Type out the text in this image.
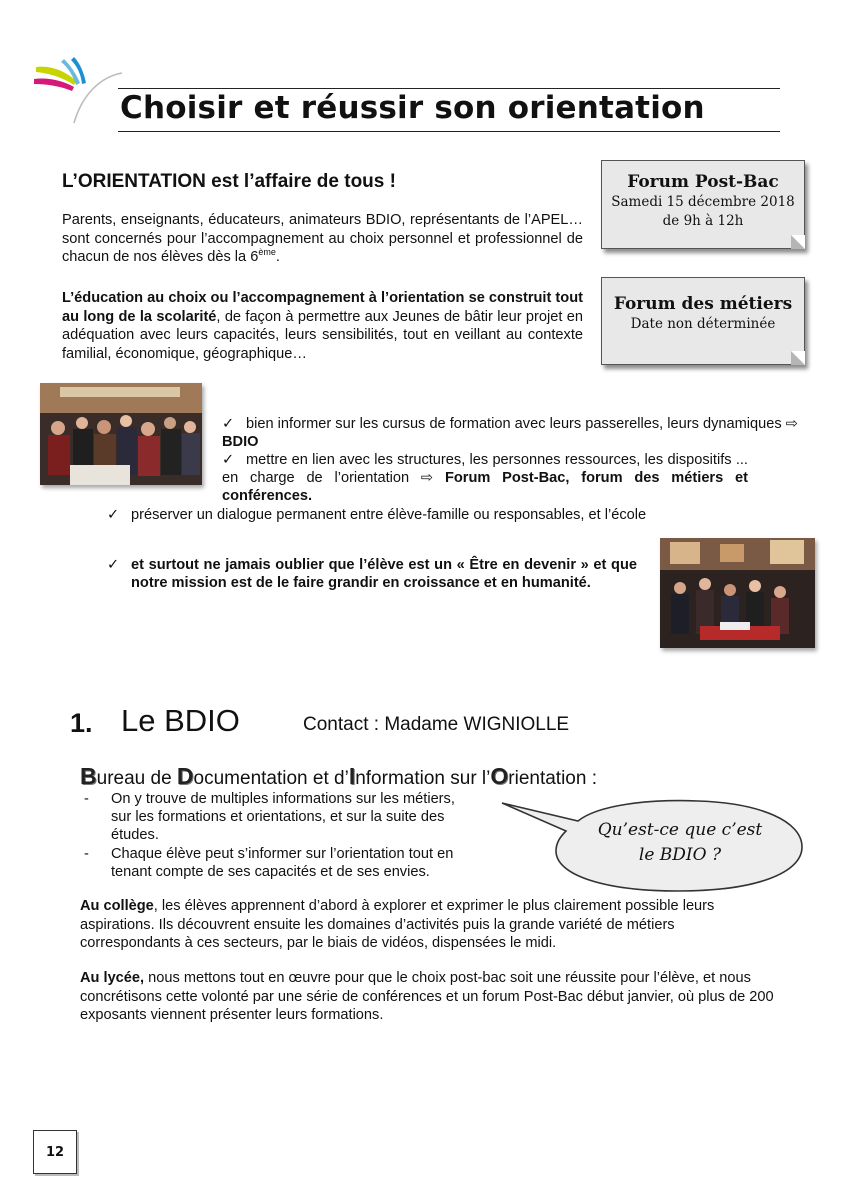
Choisir et réussir son orientation
L’ORIENTATION est l’affaire de tous !
Parents, enseignants, éducateurs, animateurs BDIO, représentants de l’APEL… sont concernés pour l’accompagnement au choix personnel et professionnel de chacun de nos élèves dès la 6ème.
L’éducation au choix ou l’accompagnement à l’orientation se construit tout au long de la scolarité, de façon à permettre aux Jeunes de bâtir leur projet en adéquation avec leurs capacités, leurs sensibilités, tout en veillant au contexte familial, économique, géographique…
Forum Post-Bac
Samedi 15 décembre 2018
de 9h à 12h
Forum des métiers
Date non déterminée
✓ bien informer sur les cursus de formation avec leurs passerelles, leurs dynamiques ⇨ BDIO
✓ mettre en lien avec les structures, les personnes ressources, les dispositifs ... en charge de l’orientation ⇨ Forum Post-Bac, forum des métiers et conférences.
✓ préserver un dialogue permanent entre élève-famille ou responsables, et l’école
✓ et surtout ne jamais oublier que l’élève est un « Être en devenir » et que notre mission est de le faire grandir en croissance et en humanité.
1. Le BDIO	Contact : Madame WIGNIOLLE
Bureau de Documentation et d’Information sur l’Orientation :
-	On y trouve de multiples informations sur les métiers, sur les formations et orientations, et sur la suite des études.
-	Chaque élève peut s’informer sur l’orientation tout en tenant compte de ses capacités et de ses envies.
Qu’est-ce que c’est
le BDIO ?
Au collège, les élèves apprennent d’abord à explorer et exprimer le plus clairement possible leurs aspirations. Ils découvrent ensuite les domaines d’activités puis la grande variété de métiers correspondants à ces secteurs, par le biais de vidéos, dispensées le midi.
Au lycée, nous mettons tout en œuvre pour que le choix post-bac soit une réussite pour l’élève, et nous concrétisons cette volonté par une série de conférences et un forum Post-Bac début janvier, où plus de 200 exposants viennent présenter leurs formations.
12
